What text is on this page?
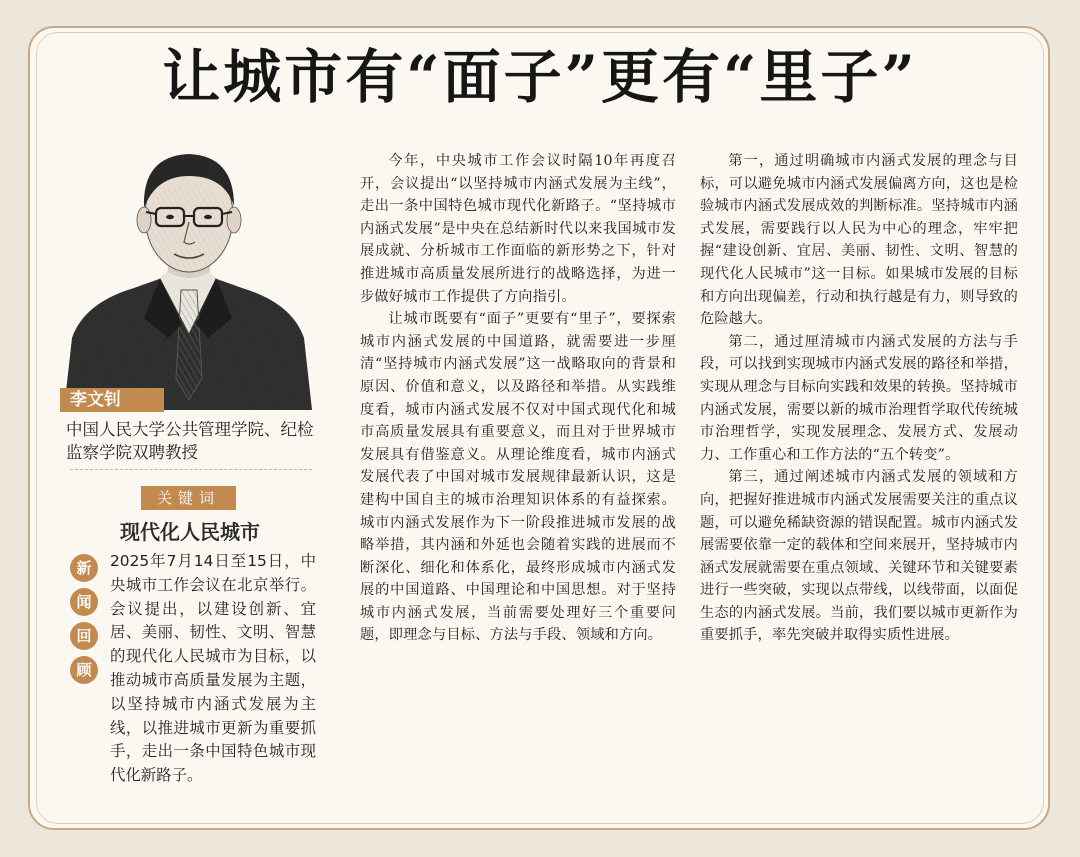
让城市有“面子”更有“里子”
李文钊
中国人民大学公共管理学院、纪检监察学院双聘教授
关键词
现代化人民城市
新
闻
回
顾
2025年7月14日至15日，中央城市工作会议在北京举行。会议提出，以建设创新、宜居、美丽、韧性、文明、智慧的现代化人民城市为目标，以推动城市高质量发展为主题，以坚持城市内涵式发展为主线，以推进城市更新为重要抓手，走出一条中国特色城市现代化新路子。

今年，中央城市工作会议时隔10年再度召开，会议提出“以坚持城市内涵式发展为主线”，走出一条中国特色城市现代化新路子。“坚持城市内涵式发展”是中央在总结新时代以来我国城市发展成就、分析城市工作面临的新形势之下，针对推进城市高质量发展所进行的战略选择，为进一步做好城市工作提供了方向指引。

让城市既要有“面子”更要有“里子”，要探索城市内涵式发展的中国道路，就需要进一步厘清“坚持城市内涵式发展”这一战略取向的背景和原因、价值和意义，以及路径和举措。从实践维度看，城市内涵式发展不仅对中国式现代化和城市高质量发展具有重要意义，而且对于世界城市发展具有借鉴意义。从理论维度看，城市内涵式发展代表了中国对城市发展规律最新认识，这是建构中国自主的城市治理知识体系的有益探索。城市内涵式发展作为下一阶段推进城市发展的战略举措，其内涵和外延也会随着实践的进展而不断深化、细化和体系化，最终形成城市内涵式发展的中国道路、中国理论和中国思想。对于坚持城市内涵式发展，当前需要处理好三个重要问题，即理念与目标、方法与手段、领域和方向。

第一，通过明确城市内涵式发展的理念与目标，可以避免城市内涵式发展偏离方向，这也是检验城市内涵式发展成效的判断标准。坚持城市内涵式发展，需要践行以人民为中心的理念，牢牢把握“建设创新、宜居、美丽、韧性、文明、智慧的现代化人民城市”这一目标。如果城市发展的目标和方向出现偏差，行动和执行越是有力，则导致的危险越大。

第二，通过厘清城市内涵式发展的方法与手段，可以找到实现城市内涵式发展的路径和举措，实现从理念与目标向实践和效果的转换。坚持城市内涵式发展，需要以新的城市治理哲学取代传统城市治理哲学，实现发展理念、发展方式、发展动力、工作重心和工作方法的“五个转变”。

第三，通过阐述城市内涵式发展的领域和方向，把握好推进城市内涵式发展需要关注的重点议题，可以避免稀缺资源的错误配置。城市内涵式发展需要依靠一定的载体和空间来展开，坚持城市内涵式发展就需要在重点领域、关键环节和关键要素进行一些突破，实现以点带线，以线带面，以面促生态的内涵式发展。当前，我们要以城市更新作为重要抓手，率先突破并取得实质性进展。
